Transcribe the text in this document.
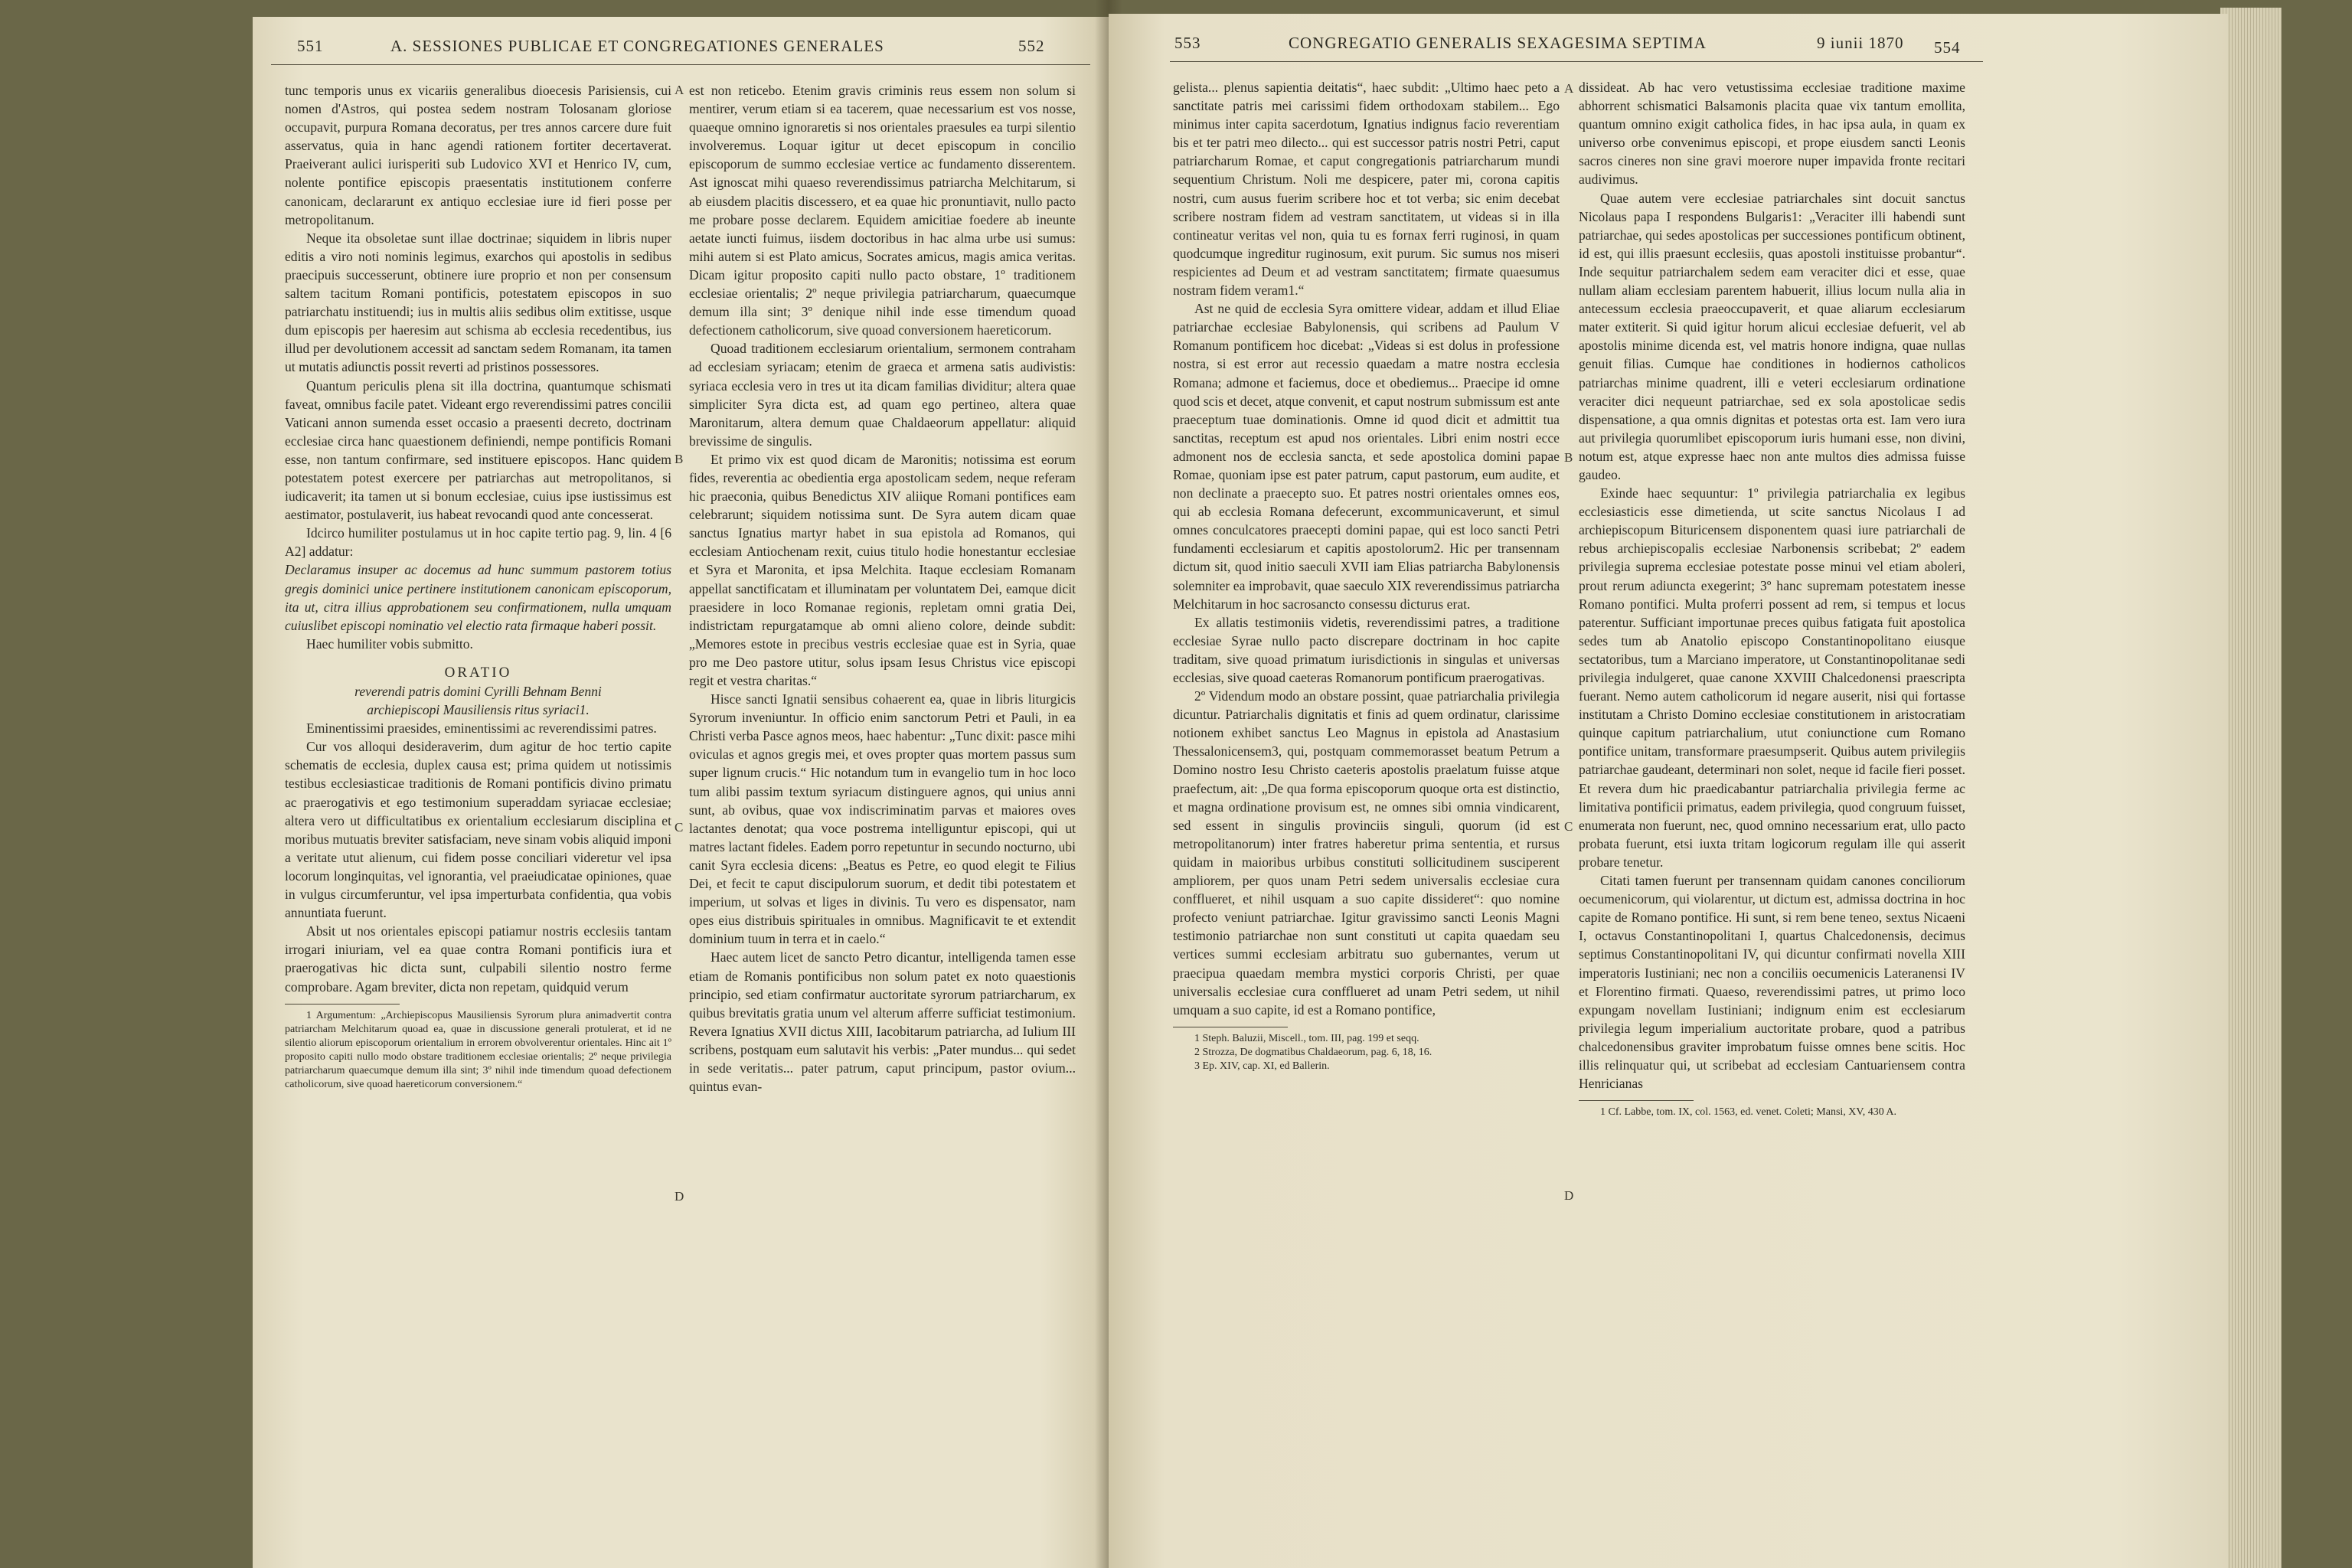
551	A. SESSIONES PUBLICAE ET CONGREGATIONES GENERALES	552

tunc temporis unus ex vicariis generalibus dioecesis Parisiensis, cui nomen d'Astros, qui postea sedem nostram Tolosanam gloriose occupavit, purpura Romana decoratus, per tres annos carcere dure fuit asservatus, quia in hanc agendi rationem fortiter decertaverat. Praeiverant aulici iurisperiti sub Ludovico XVI et Henrico IV, cum, nolente pontifice episcopis praesentatis institutionem conferre canonicam, declararunt ex antiquo ecclesiae iure id fieri posse per metropolitanum.

Neque ita obsoletae sunt illae doctrinae; siquidem in libris nuper editis a viro noti nominis legimus, exarchos qui apostolis in sedibus praecipuis successerunt, obtinere iure proprio et non per consensum saltem tacitum Romani pontificis, potestatem episcopos in suo patriarchatu instituendi; ius in multis aliis sedibus olim extitisse, usque dum episcopis per haeresim aut schisma ab ecclesia recedentibus, ius illud per devolutionem accessit ad sanctam sedem Romanam, ita tamen ut mutatis adiunctis possit reverti ad pristinos possessores.

Quantum periculis plena sit illa doctrina, quantumque schismati faveat, omnibus facile patet. Videant ergo reverendissimi patres concilii Vaticani annon sumenda esset occasio a praesenti decreto, doctrinam ecclesiae circa hanc quaestionem definiendi, nempe pontificis Romani esse, non tantum confirmare, sed instituere episcopos. Hanc quidem potestatem potest exercere per patriarchas aut metropolitanos, si iudicaverit; ita tamen ut si bonum ecclesiae, cuius ipse iustissimus est aestimator, postulaverit, ius habeat revocandi quod ante concesserat.

Idcirco humiliter postulamus ut in hoc capite tertio pag. 9, lin. 4 [6 A2] addatur:

Declaramus insuper ac docemus ad hunc summum pastorem totius gregis dominici unice pertinere institutionem canonicam episcoporum, ita ut, citra illius approbationem seu confirmationem, nulla umquam cuiuslibet episcopi nominatio vel electio rata firmaque haberi possit.

Haec humiliter vobis submitto.

ORATIO

reverendi patris domini Cyrilli Behnam Benni

archiepiscopi Mausiliensis ritus syriaci1.

Eminentissimi praesides, eminentissimi ac reverendissimi patres.

Cur vos alloqui desideraverim, dum agitur de hoc tertio capite schematis de ecclesia, duplex causa est; prima quidem ut notissimis testibus ecclesiasticae traditionis de Romani pontificis divino primatu ac praerogativis et ego testimonium superaddam syriacae ecclesiae; altera vero ut difficultatibus ex orientalium ecclesiarum disciplina et moribus mutuatis breviter satisfaciam, neve sinam vobis aliquid imponi a veritate utut alienum, cui fidem posse conciliari videretur vel ipsa locorum longinquitas, vel ignorantia, vel praeiudicatae opiniones, quae in vulgus circumferuntur, vel ipsa imperturbata confidentia, qua vobis annuntiata fuerunt.

Absit ut nos orientales episcopi patiamur nostris ecclesiis tantam irrogari iniuriam, vel ea quae contra Romani pontificis iura et praerogativas hic dicta sunt, culpabili silentio nostro ferme comprobare. Agam breviter, dicta non repetam, quidquid verum

1 Argumentum: „Archiepiscopus Mausiliensis Syrorum plura animadvertit contra patriarcham Melchitarum quoad ea, quae in discussione generali protulerat, et id ne silentio aliorum episcoporum orientalium in errorem obvolverentur orientales. Hinc ait 1º proposito capiti nullo modo obstare traditionem ecclesiae orientalis; 2º neque privilegia patriarcharum quaecumque demum illa sint; 3º nihil inde timendum quoad defectionem catholicorum, sive quoad haereticorum conversionem.“

A
B
C
D

est non reticebo. Etenim gravis criminis reus essem non solum si mentirer, verum etiam si ea tacerem, quae necessarium est vos nosse, quaeque omnino ignoraretis si nos orientales praesules ea turpi silentio involveremus. Loquar igitur ut decet episcopum in concilio episcoporum de summo ecclesiae vertice ac fundamento disserentem. Ast ignoscat mihi quaeso reverendissimus patriarcha Melchitarum, si ab eiusdem placitis discessero, et ea quae hic pronuntiavit, nullo pacto me probare posse declarem. Equidem amicitiae foedere ab ineunte aetate iuncti fuimus, iisdem doctoribus in hac alma urbe usi sumus: mihi autem si est Plato amicus, Socrates amicus, magis amica veritas. Dicam igitur proposito capiti nullo pacto obstare, 1º traditionem ecclesiae orientalis; 2º neque privilegia patriarcharum, quaecumque demum illa sint; 3º denique nihil inde esse timendum quoad defectionem catholicorum, sive quoad conversionem haereticorum.

Quoad traditionem ecclesiarum orientalium, sermonem contraham ad ecclesiam syriacam; etenim de graeca et armena satis audivistis: syriaca ecclesia vero in tres ut ita dicam familias dividitur; altera quae simpliciter Syra dicta est, ad quam ego pertineo, altera quae Maronitarum, altera demum quae Chaldaeorum appellatur: aliquid brevissime de singulis.

Et primo vix est quod dicam de Maronitis; notissima est eorum fides, reverentia ac obedientia erga apostolicam sedem, neque referam hic praeconia, quibus Benedictus XIV aliique Romani pontifices eam celebrarunt; siquidem notissima sunt. De Syra autem dicam quae sanctus Ignatius martyr habet in sua epistola ad Romanos, qui ecclesiam Antiochenam rexit, cuius titulo hodie honestantur ecclesiae et Syra et Maronita, et ipsa Melchita. Itaque ecclesiam Romanam appellat sanctificatam et illuminatam per voluntatem Dei, eamque dicit praesidere in loco Romanae regionis, repletam omni gratia Dei, indistrictam repurgatamque ab omni alieno colore, deinde subdit: „Memores estote in precibus vestris ecclesiae quae est in Syria, quae pro me Deo pastore utitur, solus ipsam Iesus Christus vice episcopi regit et vestra charitas.“

Hisce sancti Ignatii sensibus cohaerent ea, quae in libris liturgicis Syrorum inveniuntur. In officio enim sanctorum Petri et Pauli, in ea Christi verba Pasce agnos meos, haec habentur: „Tunc dixit: pasce mihi oviculas et agnos gregis mei, et oves propter quas mortem passus sum super lignum crucis.“ Hic notandum tum in evangelio tum in hoc loco tum alibi passim textum syriacum distinguere agnos, qui unius anni sunt, ab ovibus, quae vox indiscriminatim parvas et maiores oves lactantes denotat; qua voce postrema intelliguntur episcopi, qui ut matres lactant fideles. Eadem porro repetuntur in secundo nocturno, ubi canit Syra ecclesia dicens: „Beatus es Petre, eo quod elegit te Filius Dei, et fecit te caput discipulorum suorum, et dedit tibi potestatem et imperium, ut solvas et liges in divinis. Tu vero es dispensator, nam opes eius distribuis spirituales in omnibus. Magnificavit te et extendit dominium tuum in terra et in caelo.“

Haec autem licet de sancto Petro dicantur, intelligenda tamen esse etiam de Romanis pontificibus non solum patet ex noto quaestionis principio, sed etiam confirmatur auctoritate syrorum patriarcharum, ex quibus brevitatis gratia unum vel alterum afferre sufficiat testimonium. Revera Ignatius XVII dictus XIII, Iacobitarum patriarcha, ad Iulium III scribens, postquam eum salutavit his verbis: „Pater mundus... qui sedet in sede veritatis... pater patrum, caput principum, pastor ovium... quintus evan-

553	CONGREGATIO GENERALIS SEXAGESIMA SEPTIMA	9 iunii 1870 554

gelista... plenus sapientia deitatis“, haec subdit: „Ultimo haec peto a sanctitate patris mei carissimi fidem orthodoxam stabilem... Ego minimus inter capita sacerdotum, Ignatius indignus facio reverentiam bis et ter patri meo dilecto... qui est successor patris nostri Petri, caput patriarcharum Romae, et caput congregationis patriarcharum mundi sequentium Christum. Noli me despicere, pater mi, corona capitis nostri, cum ausus fuerim scribere hoc et tot verba; sic enim decebat scribere nostram fidem ad vestram sanctitatem, ut videas si in illa contineatur veritas vel non, quia tu es fornax ferri ruginosi, in quam quodcumque ingreditur ruginosum, exit purum. Sic sumus nos miseri respicientes ad Deum et ad vestram sanctitatem; firmate quaesumus nostram fidem veram1.“

Ast ne quid de ecclesia Syra omittere videar, addam et illud Eliae patriarchae ecclesiae Babylonensis, qui scribens ad Paulum V Romanum pontificem hoc dicebat: „Videas si est dolus in professione nostra, si est error aut recessio quaedam a matre nostra ecclesia Romana; admone et faciemus, doce et obediemus... Praecipe id omne quod scis et decet, atque convenit, et caput nostrum submissum est ante praeceptum tuae dominationis. Omne id quod dicit et admittit tua sanctitas, receptum est apud nos orientales. Libri enim nostri ecce admonent nos de ecclesia sancta, et sede apostolica domini papae Romae, quoniam ipse est pater patrum, caput pastorum, eum audite, et non declinate a praecepto suo. Et patres nostri orientales omnes eos, qui ab ecclesia Romana defecerunt, excommunicaverunt, et simul omnes conculcatores praecepti domini papae, qui est loco sancti Petri fundamenti ecclesiarum et capitis apostolorum2. Hic per transennam dictum sit, quod initio saeculi XVII iam Elias patriarcha Babylonensis solemniter ea improbavit, quae saeculo XIX reverendissimus patriarcha Melchitarum in hoc sacrosancto consessu dicturus erat.

Ex allatis testimoniis videtis, reverendissimi patres, a traditione ecclesiae Syrae nullo pacto discrepare doctrinam in hoc capite traditam, sive quoad primatum iurisdictionis in singulas et universas ecclesias, sive quoad caeteras Romanorum pontificum praerogativas.

2º Videndum modo an obstare possint, quae patriarchalia privilegia dicuntur. Patriarchalis dignitatis et finis ad quem ordinatur, clarissime notionem exhibet sanctus Leo Magnus in epistola ad Anastasium Thessalonicensem3, qui, postquam commemorasset beatum Petrum a Domino nostro Iesu Christo caeteris apostolis praelatum fuisse atque praefectum, ait: „De qua forma episcoporum quoque orta est distinctio, et magna ordinatione provisum est, ne omnes sibi omnia vindicarent, sed essent in singulis provinciis singuli, quorum (id est metropolitanorum) inter fratres haberetur prima sententia, et rursus quidam in maioribus urbibus constituti sollicitudinem susciperent ampliorem, per quos unam Petri sedem universalis ecclesiae cura confflueret, et nihil usquam a suo capite dissideret“: quo nomine profecto veniunt patriarchae. Igitur gravissimo sancti Leonis Magni testimonio patriarchae non sunt constituti ut capita quaedam seu vertices summi ecclesiam arbitratu suo gubernantes, verum ut praecipua quaedam membra mystici corporis Christi, per quae universalis ecclesiae cura confflueret ad unam Petri sedem, ut nihil umquam a suo capite, id est a Romano pontifice,

1 Steph. Baluzii, Miscell., tom. III, pag. 199 et seqq.

2 Strozza, De dogmatibus Chaldaeorum, pag. 6, 18, 16.

3 Ep. XIV, cap. XI, ed Ballerin.

A
B
C
D

dissideat. Ab hac vero vetustissima ecclesiae traditione maxime abhorrent schismatici Balsamonis placita quae vix tantum emollita, quantum omnino exigit catholica fides, in hac ipsa aula, in quam ex universo orbe convenimus episcopi, et prope eiusdem sancti Leonis sacros cineres non sine gravi moerore nuper impavida fronte recitari audivimus.

Quae autem vere ecclesiae patriarchales sint docuit sanctus Nicolaus papa I respondens Bulgaris1: „Veraciter illi habendi sunt patriarchae, qui sedes apostolicas per successiones pontificum obtinent, id est, qui illis praesunt ecclesiis, quas apostoli instituisse probantur“. Inde sequitur patriarchalem sedem eam veraciter dici et esse, quae nullam aliam ecclesiam parentem habuerit, illius locum nulla alia in antecessum ecclesia praeoccupaverit, et quae aliarum ecclesiarum mater extiterit. Si quid igitur horum alicui ecclesiae defuerit, vel ab apostolis minime dicenda est, vel matris honore indigna, quae nullas genuit filias. Cumque hae conditiones in hodiernos catholicos patriarchas minime quadrent, illi e veteri ecclesiarum ordinatione veraciter dici nequeunt patriarchae, sed ex sola apostolicae sedis dispensatione, a qua omnis dignitas et potestas orta est. Iam vero iura aut privilegia quorumlibet episcoporum iuris humani esse, non divini, notum est, atque expresse haec non ante multos dies admissa fuisse gaudeo.

Exinde haec sequuntur: 1º privilegia patriarchalia ex legibus ecclesiasticis esse dimetienda, ut scite sanctus Nicolaus I ad archiepiscopum Bituricensem disponentem quasi iure patriarchali de rebus archiepiscopalis ecclesiae Narbonensis scribebat; 2º eadem privilegia suprema ecclesiae potestate posse minui vel etiam aboleri, prout rerum adiuncta exegerint; 3º hanc supremam potestatem inesse Romano pontifici. Multa proferri possent ad rem, si tempus et locus paterentur. Sufficiant importunae preces quibus fatigata fuit apostolica sedes tum ab Anatolio episcopo Constantinopolitano eiusque sectatoribus, tum a Marciano imperatore, ut Constantinopolitanae sedi privilegia indulgeret, quae canone XXVIII Chalcedonensi praescripta fuerant. Nemo autem catholicorum id negare auserit, nisi qui fortasse institutam a Christo Domino ecclesiae constitutionem in aristocratiam quinque capitum patriarchalium, utut coniunctione cum Romano pontifice unitam, transformare praesumpserit. Quibus autem privilegiis patriarchae gaudeant, determinari non solet, neque id facile fieri posset. Et revera dum hic praedicabantur patriarchalia privilegia ferme ac limitativa pontificii primatus, eadem privilegia, quod congruum fuisset, enumerata non fuerunt, nec, quod omnino necessarium erat, ullo pacto probata fuerunt, etsi iuxta tritam logicorum regulam ille qui asserit probare tenetur.

Citati tamen fuerunt per transennam quidam canones conciliorum oecumenicorum, qui violarentur, ut dictum est, admissa doctrina in hoc capite de Romano pontifice. Hi sunt, si rem bene teneo, sextus Nicaeni I, octavus Constantinopolitani I, quartus Chalcedonensis, decimus septimus Constantinopolitani IV, qui dicuntur confirmati novella XIII imperatoris Iustiniani; nec non a conciliis oecumenicis Lateranensi IV et Florentino firmati. Quaeso, reverendissimi patres, ut primo loco expungam novellam Iustiniani; indignum enim est ecclesiarum privilegia legum imperialium auctoritate probare, quod a patribus chalcedonensibus graviter improbatum fuisse omnes bene scitis. Hoc illis relinquatur qui, ut scribebat ad ecclesiam Cantuariensem contra Henricianas

1 Cf. Labbe, tom. IX, col. 1563, ed. venet. Coleti; Mansi, XV, 430 A.
